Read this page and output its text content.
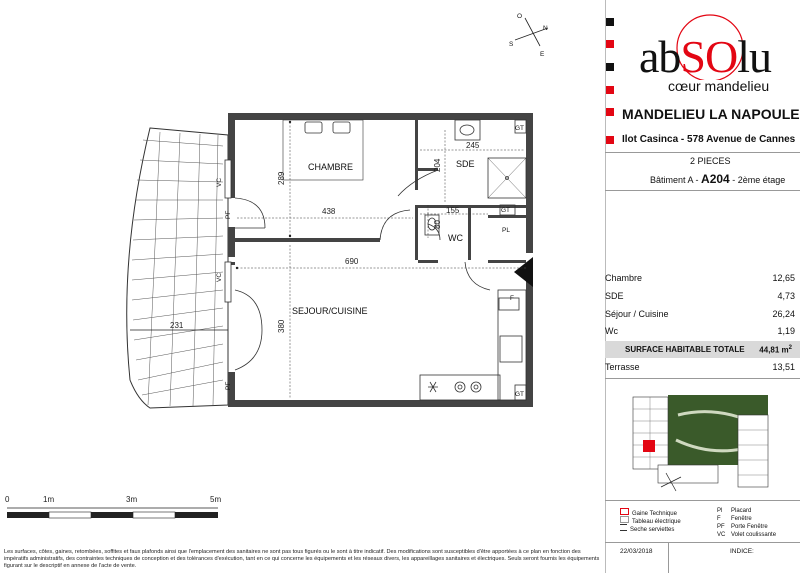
CHAMBRE	SDE
WC
SEJOUR/CUISINE
PL
GT
GT
GT
289
438
245
204
155
80
690
380
231
VC
VC
PF
PF
F
N
E
S
O
0	1m	3m	5m
abSOlu
cœur mandelieu
MANDELIEU LA NAPOULE
Ilot Casinca - 578 Avenue de Cannes
2 PIECES
Bâtiment A - A204 - 2ème étage
Chambre	12,65
SDE	4,73
Séjour / Cuisine	26,24
Wc	1,19
SURFACE HABITABLE TOTALE 44,81 $m^2$
Terrasse	13,51
Gaine Technique
Tableau électrique
Seche serviettes
Pl Placard
F Fenêtre
PF Porte Fenêtre
VC Volet coulissante
22/03/2018	INDICE:
Les surfaces, côtes, gaines, retombées, soffites et faux plafonds ainsi que l'emplacement des sanitaires ne sont pas tous figurés ou le sont à titre indicatif. Des modifications sont susceptibles d'être apportées à ce plan en fonction des impératifs administratifs, des contraintes techniques de conception et des tolérances d'exécution, tant en ce qui concerne les équipements et les réseaux divers, les appareillages sanitaires et électriques. Seuls seront fournis les équipements figurant sur le descriptif en annexe de l'acte de vente.
